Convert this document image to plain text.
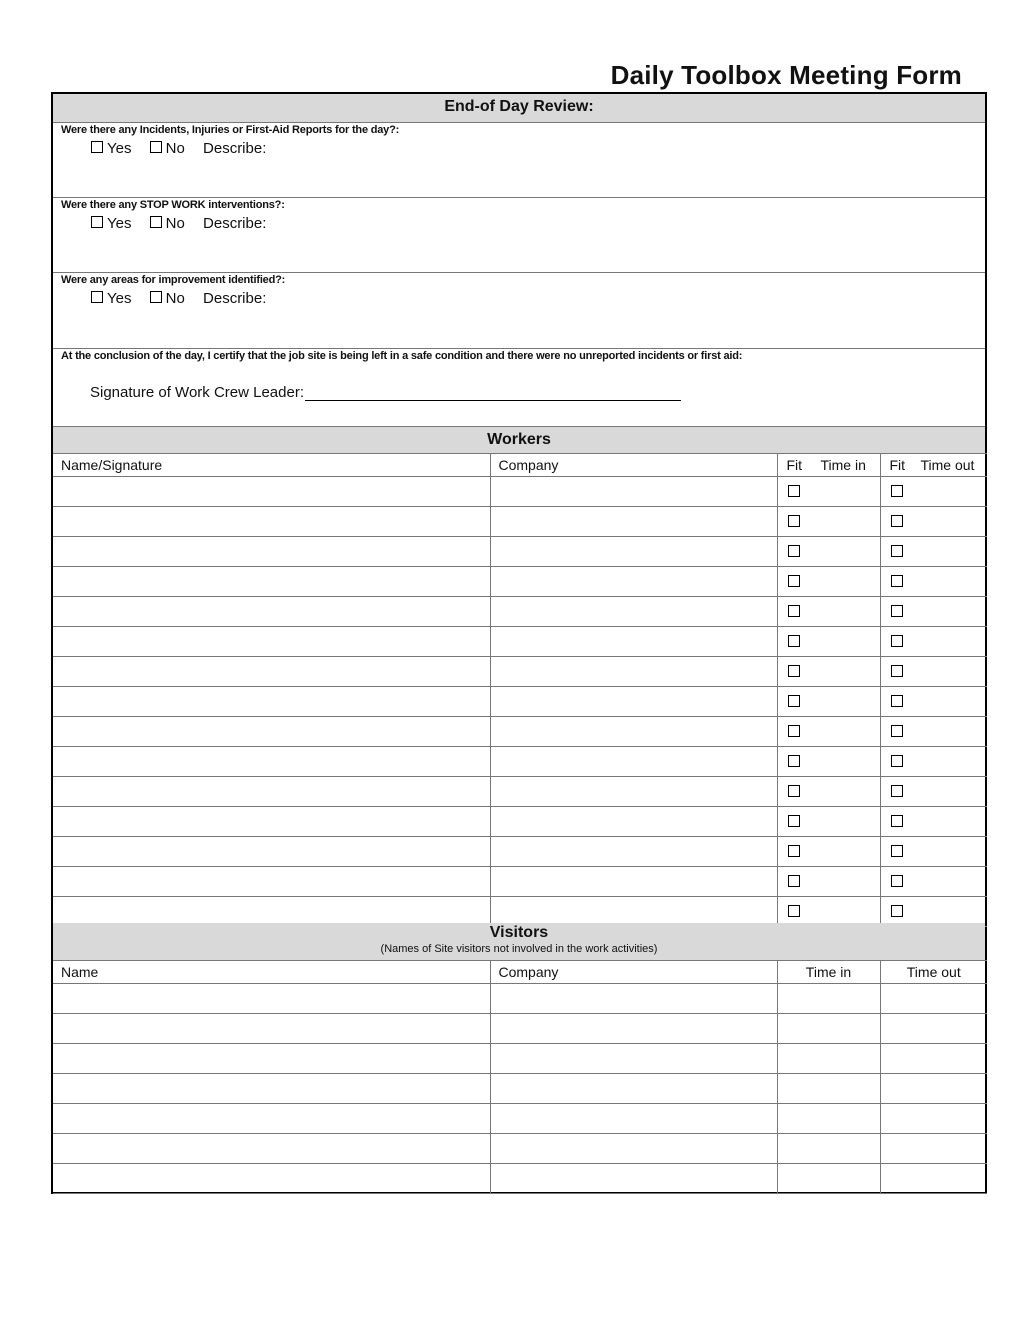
Daily Toolbox Meeting Form
End-of Day Review:
Were there any Incidents, Injuries or First-Aid Reports for the day?:
Yes No Describe:
Were there any STOP WORK interventions?:
Yes No Describe:
Were any areas for improvement identified?:
Yes No Describe:
At the conclusion of the day, I certify that the job site is being left in a safe condition and there were no unreported incidents or first aid:
Signature of Work Crew Leader:
Workers
Name/Signature	Company	Fit Time in	Fit Time out

Visitors
(Names of Site visitors not involved in the work activities)
Name	Company	Time in	Time out
